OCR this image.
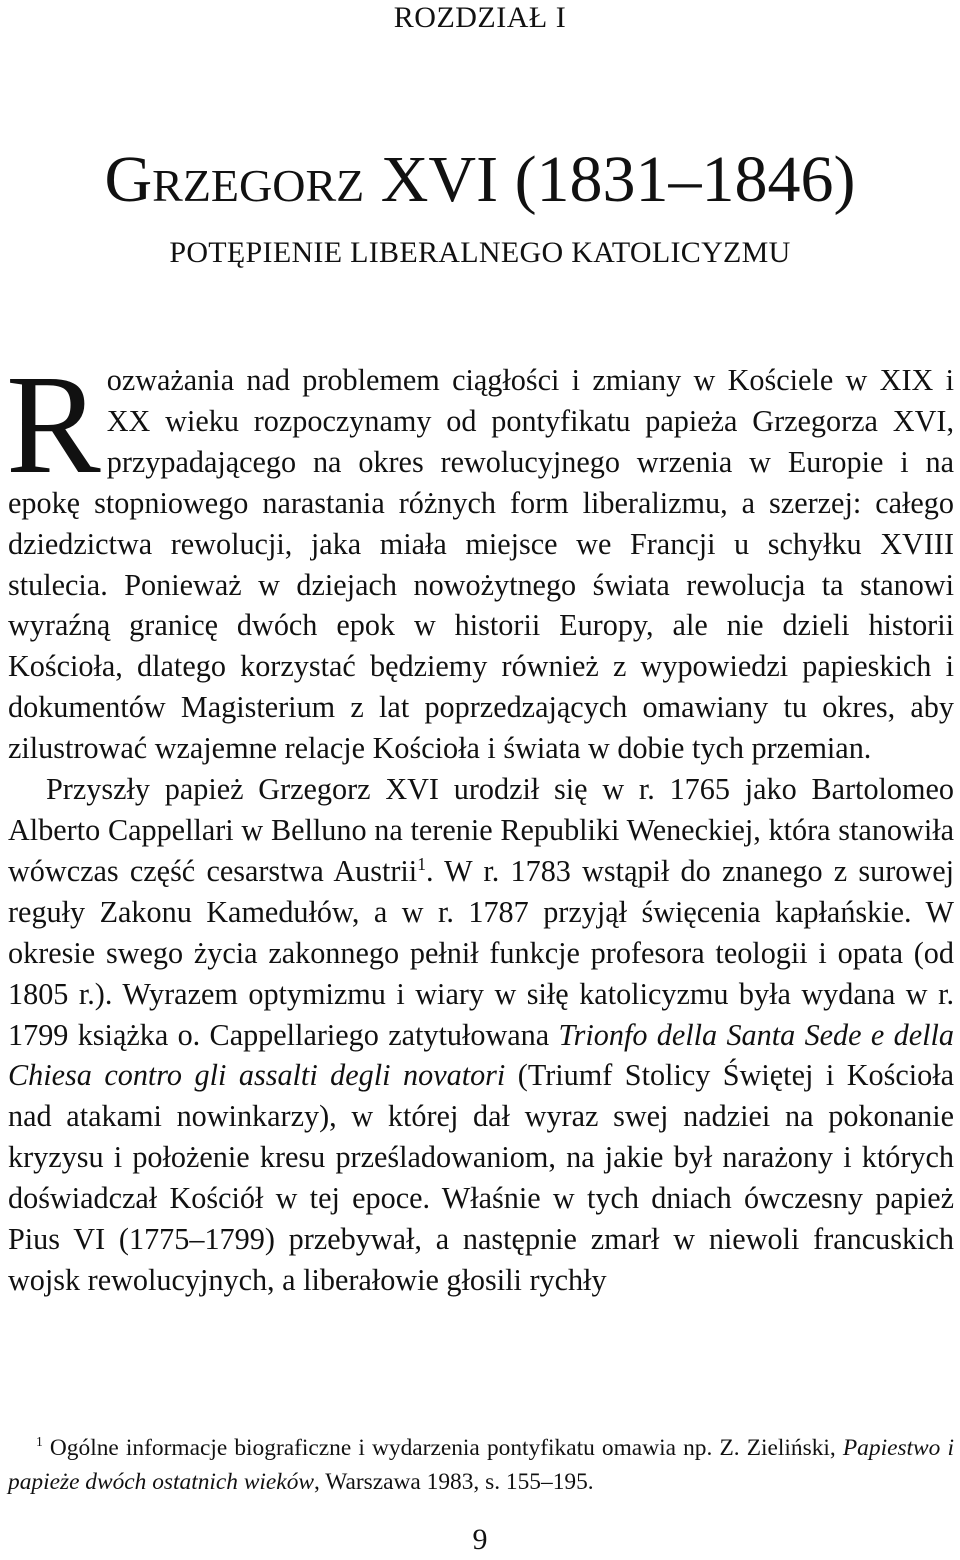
ROZDZIAŁ I
GRZEGORZ XVI (1831–1846)
POTĘPIENIE LIBERALNEGO KATOLICYZMU

Rozważania nad problemem ciągłości i zmiany w Kościele w XIX i XX wieku rozpoczynamy od pontyfikatu papieża Grzegorza XVI, przypadającego na okres rewolucyjnego wrzenia w Europie i na epokę stopniowego narastania różnych form liberalizmu, a szerzej: całego dziedzictwa rewolucji, jaka miała miejsce we Francji u schyłku XVIII stulecia. Ponieważ w dziejach nowożytnego świata rewolucja ta stanowi wyraźną granicę dwóch epok w historii Europy, ale nie dzieli historii Kościoła, dlatego korzystać będziemy również z wypowiedzi papieskich i dokumentów Magisterium z lat poprzedzających omawiany tu okres, aby zilustrować wzajemne relacje Kościoła i świata w dobie tych przemian.

Przyszły papież Grzegorz XVI urodził się w r. 1765 jako Bartolomeo Alberto Cappellari w Belluno na terenie Republiki Weneckiej, która stanowiła wówczas część cesarstwa Austrii$^1$. W r. 1783 wstąpił do znanego z surowej reguły Zakonu Kamedułów, a w r. 1787 przyjął święcenia kapłańskie. W okresie swego życia zakonnego pełnił funkcje profesora teologii i opata (od 1805 r.). Wyrazem optymizmu i wiary w siłę katolicyzmu była wydana w r. 1799 książka o. Cappellariego zatytułowana Trionfo della Santa Sede e della Chiesa contro gli assalti degli novatori (Triumf Stolicy Świętej i Kościoła nad atakami nowinkarzy), w której dał wyraz swej nadziei na pokonanie kryzysu i położenie kresu prześladowaniom, na jakie był narażony i których doświadczał Kościół w tej epoce. Właśnie w tych dniach ówczesny papież Pius VI (1775–1799) przebywał, a następnie zmarł w niewoli francuskich wojsk rewolucyjnych, a liberałowie głosili rychły

$^1$ Ogólne informacje biograficzne i wydarzenia pontyfikatu omawia np. Z. Zieliński, Papiestwo i papieże dwóch ostatnich wieków, Warszawa 1983, s. 155–195.

9
